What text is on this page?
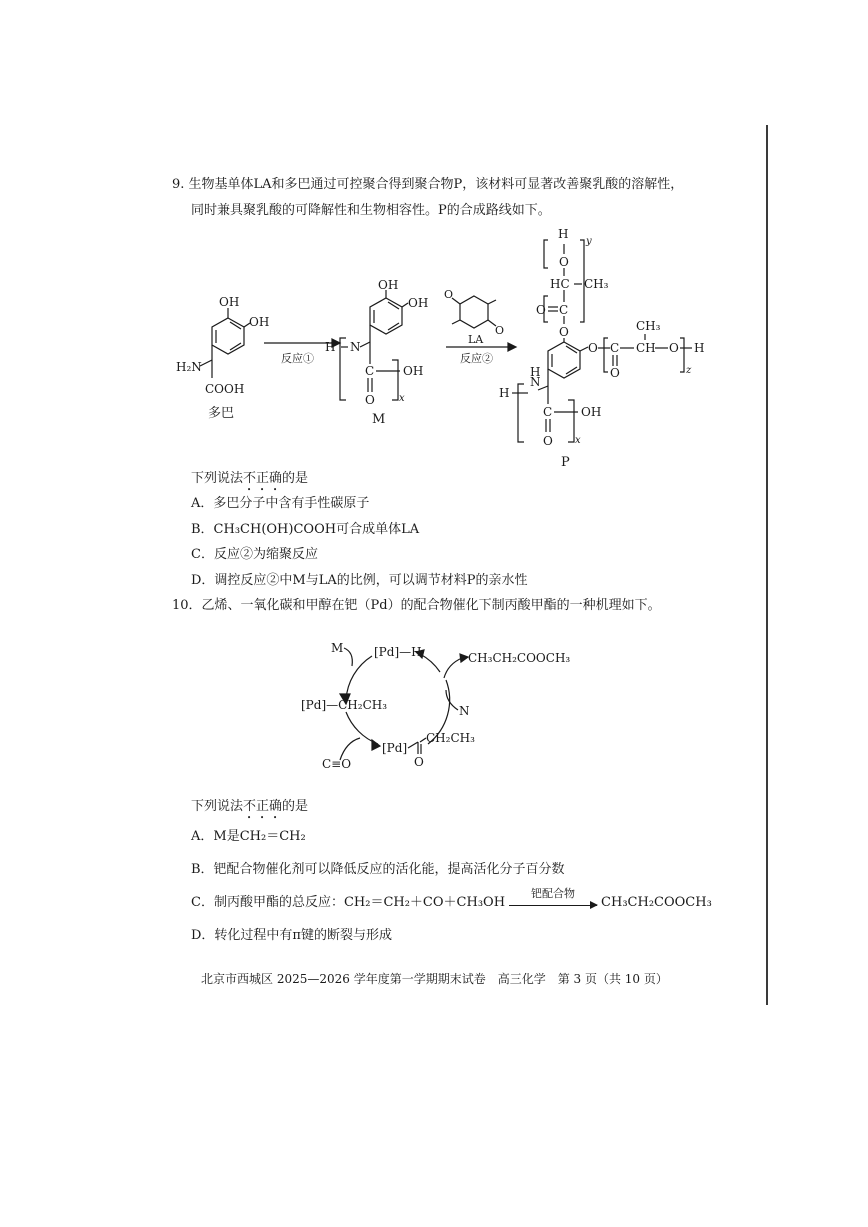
9. 生物基单体LA和多巴通过可控聚合得到聚合物P，该材料可显著改善聚乳酸的溶解性，
同时兼具聚乳酸的可降解性和生物相容性。P的合成路线如下。
OH
OH
H₂N
COOH
多巴
反应①
OH
OH
N
H
C
O
OH
x
M
O
O
LA
反应②
H
O
HC CH₃
C
O
y
O
O C
O
CH
CH₃
O
z
H
N
H
H
C
O
OH
x
P
下列说法不正确的是
A．多巴分子中含有手性碳原子
B．CH₃CH(OH)COOH可合成单体LA
C．反应②为缩聚反应
D．调控反应②中M与LA的比例，可以调节材料P的亲水性
10．乙烯、一氧化碳和甲醇在钯（Pd）的配合物催化下制丙酸甲酯的一种机理如下。
M
C≡O
N
CH₃CH₂COOCH₃
[Pd]—H
[Pd]—CH₂CH₃
[Pd]
O
CH₂CH₃
下列说法不正确的是
A．M是CH₂＝CH₂
B．钯配合物催化剂可以降低反应的活化能，提高活化分子百分数
C．制丙酸甲酯的总反应：CH₂＝CH₂＋CO＋CH₃OH
钯配合物
CH₃CH₂COOCH₃
D．转化过程中有π键的断裂与形成
北京市西城区 2025—2026 学年度第一学期期末试卷　高三化学　第 3 页（共 10 页）
